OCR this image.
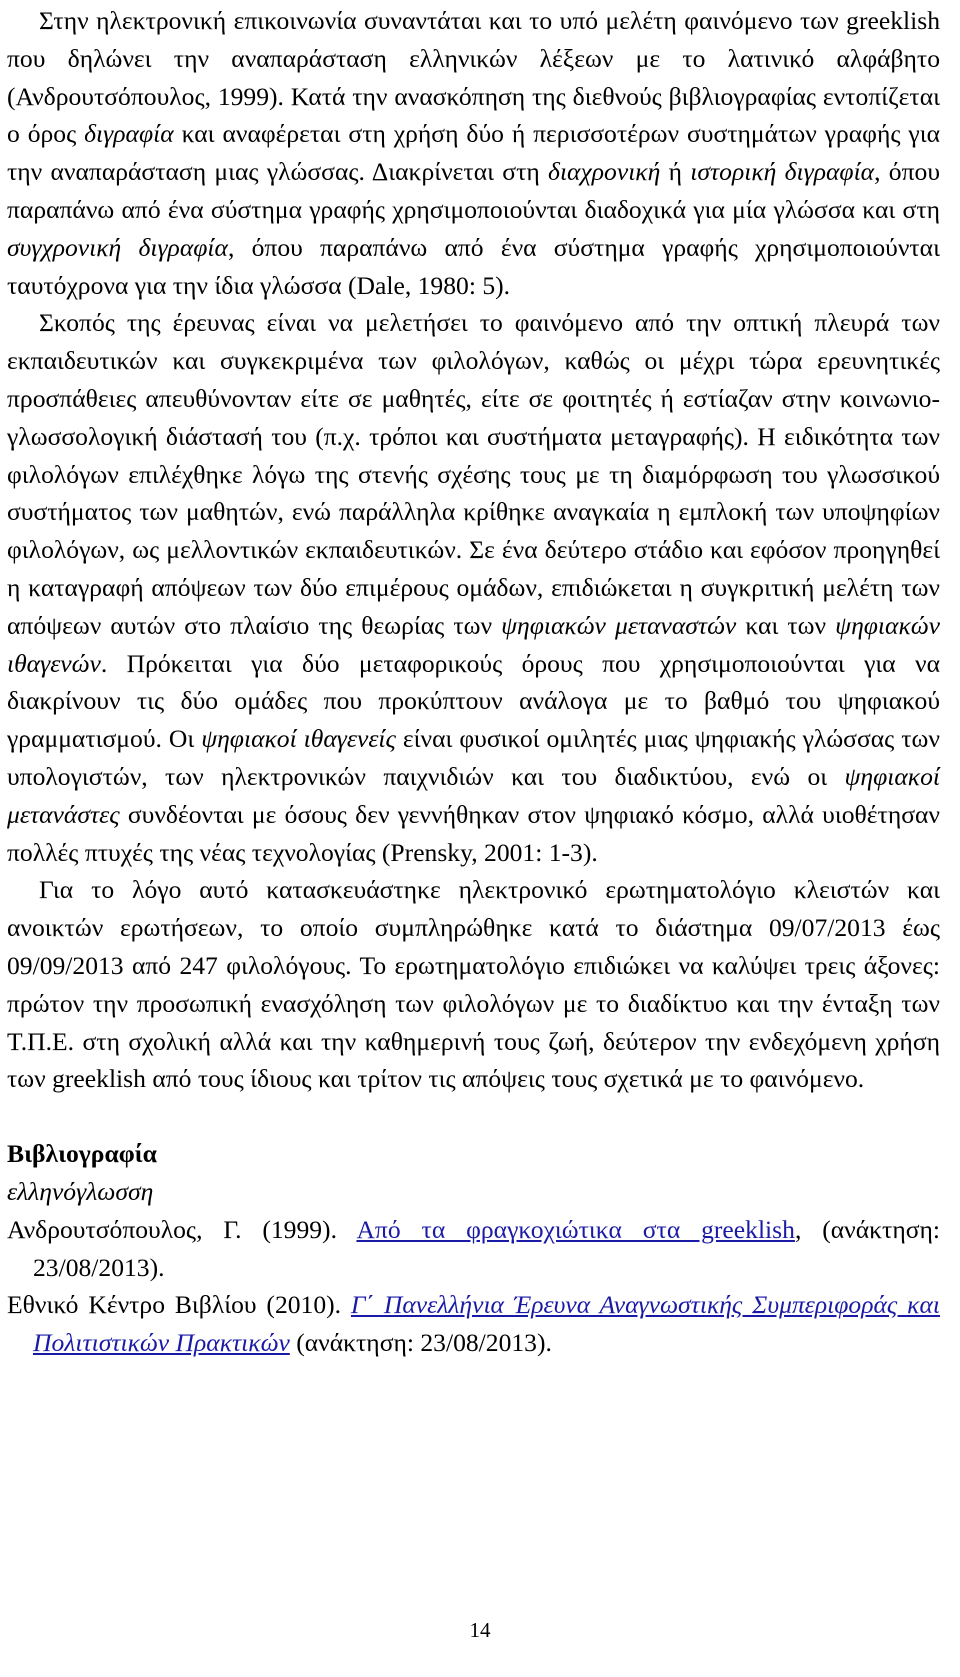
Στην ηλεκτρονική επικοινωνία συναντάται και το υπό μελέτη φαινόμενο των greeklish που δηλώνει την αναπαράσταση ελληνικών λέξεων με το λατινικό αλφάβητο (Ανδρουτσόπουλος, 1999). Κατά την ανασκόπηση της διεθνούς βιβλιογραφίας εντοπίζεται ο όρος διγραφία και αναφέρεται στη χρήση δύο ή περισσοτέρων συστημάτων γραφής για την αναπαράσταση μιας γλώσσας. Διακρίνεται στη διαχρονική ή ιστορική διγραφία, όπου παραπάνω από ένα σύστημα γραφής χρησιμοποιούνται διαδοχικά για μία γλώσσα και στη συγχρονική διγραφία, όπου παραπάνω από ένα σύστημα γραφής χρησιμοποιούνται ταυτόχρονα για την ίδια γλώσσα (Dale, 1980: 5).

Σκοπός της έρευνας είναι να μελετήσει το φαινόμενο από την οπτική πλευρά των εκπαιδευτικών και συγκεκριμένα των φιλολόγων, καθώς οι μέχρι τώρα ερευνητικές προσπάθειες απευθύνονταν είτε σε μαθητές, είτε σε φοιτητές ή εστίαζαν στην κοινωνιο-γλωσσολογική διάστασή του (π.χ. τρόποι και συστήματα μεταγραφής). Η ειδικότητα των φιλολόγων επιλέχθηκε λόγω της στενής σχέσης τους με τη διαμόρφωση του γλωσσικού συστήματος των μαθητών, ενώ παράλληλα κρίθηκε αναγκαία η εμπλοκή των υποψηφίων φιλολόγων, ως μελλοντικών εκπαιδευτικών. Σε ένα δεύτερο στάδιο και εφόσον προηγηθεί η καταγραφή απόψεων των δύο επιμέρους ομάδων, επιδιώκεται η συγκριτική μελέτη των απόψεων αυτών στο πλαίσιο της θεωρίας των ψηφιακών μεταναστών και των ψηφιακών ιθαγενών. Πρόκειται για δύο μεταφορικούς όρους που χρησιμοποιούνται για να διακρίνουν τις δύο ομάδες που προκύπτουν ανάλογα με το βαθμό του ψηφιακού γραμματισμού. Οι ψηφιακοί ιθαγενείς είναι φυσικοί ομιλητές μιας ψηφιακής γλώσσας των υπολογιστών, των ηλεκτρονικών παιχνιδιών και του διαδικτύου, ενώ οι ψηφιακοί μετανάστες συνδέονται με όσους δεν γεννήθηκαν στον ψηφιακό κόσμο, αλλά υιοθέτησαν πολλές πτυχές της νέας τεχνολογίας (Prensky, 2001: 1-3).

Για το λόγο αυτό κατασκευάστηκε ηλεκτρονικό ερωτηματολόγιο κλειστών και ανοικτών ερωτήσεων, το οποίο συμπληρώθηκε κατά το διάστημα 09/07/2013 έως 09/09/2013 από 247 φιλολόγους. Το ερωτηματολόγιο επιδιώκει να καλύψει τρεις άξονες: πρώτον την προσωπική ενασχόληση των φιλολόγων με το διαδίκτυο και την ένταξη των Τ.Π.Ε. στη σχολική αλλά και την καθημερινή τους ζωή, δεύτερον την ενδεχόμενη χρήση των greeklish από τους ίδιους και τρίτον τις απόψεις τους σχετικά με το φαινόμενο.

Βιβλιογραφία
ελληνόγλωσση

Ανδρουτσόπουλος, Γ. (1999). Από τα φραγκοχιώτικα στα greeklish, (ανάκτηση: 23/08/2013).

Εθνικό Κέντρο Βιβλίου (2010). Γ΄ Πανελλήνια Έρευνα Αναγνωστικής Συμπεριφοράς και Πολιτιστικών Πρακτικών (ανάκτηση: 23/08/2013).

14
